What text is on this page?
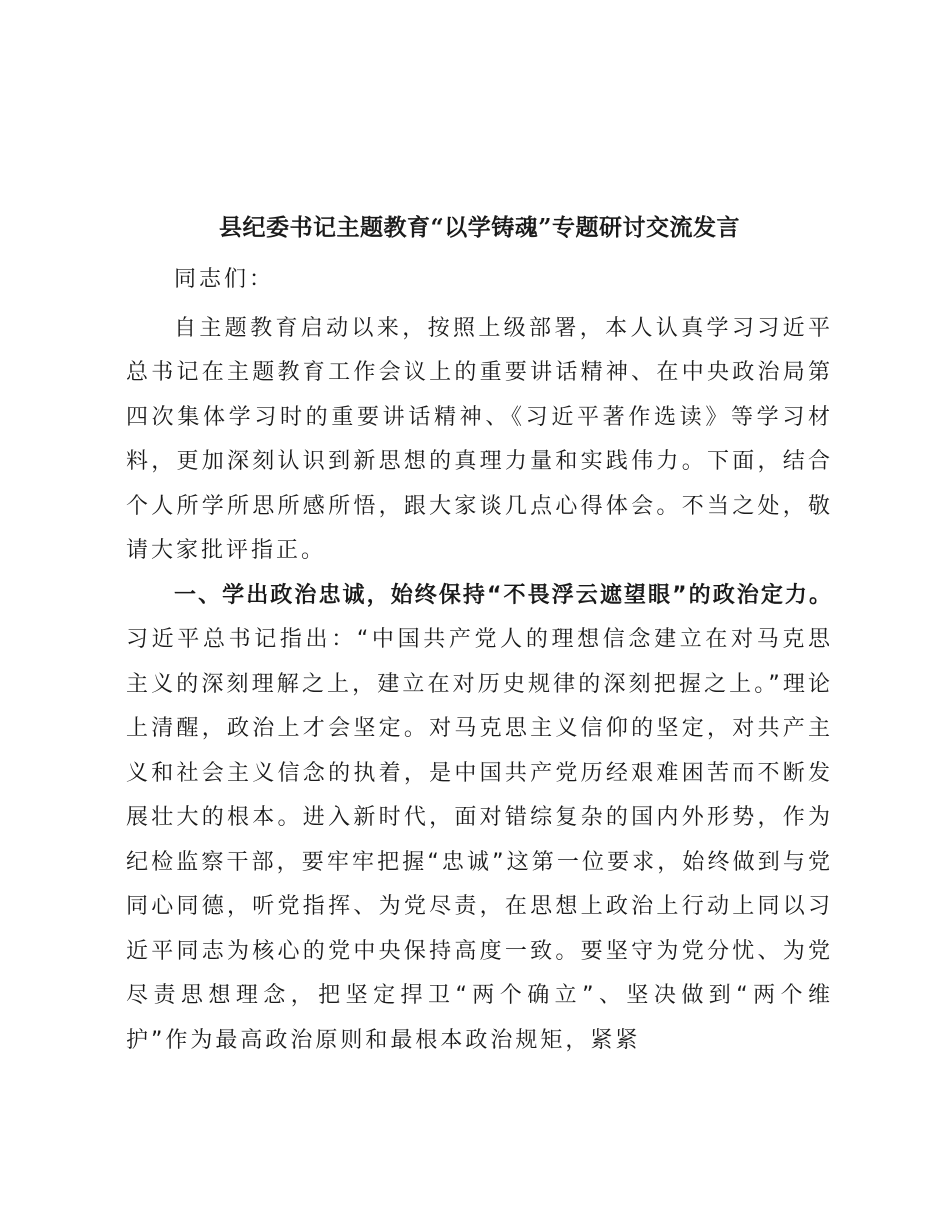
县纪委书记主题教育“以学铸魂”专题研讨交流发言

同志们：

自主题教育启动以来，按照上级部署，本人认真学习习近平总书记在主题教育工作会议上的重要讲话精神、在中央政治局第四次集体学习时的重要讲话精神、《习近平著作选读》等学习材料，更加深刻认识到新思想的真理力量和实践伟力。下面，结合个人所学所思所感所悟，跟大家谈几点心得体会。不当之处，敬请大家批评指正。

一、学出政治忠诚，始终保持“不畏浮云遮望眼”的政治定力。习近平总书记指出：“中国共产党人的理想信念建立在对马克思主义的深刻理解之上，建立在对历史规律的深刻把握之上。”理论上清醒，政治上才会坚定。对马克思主义信仰的坚定，对共产主义和社会主义信念的执着，是中国共产党历经艰难困苦而不断发展壮大的根本。进入新时代，面对错综复杂的国内外形势，作为纪检监察干部，要牢牢把握“忠诚”这第一位要求，始终做到与党同心同德，听党指挥、为党尽责，在思想上政治上行动上同以习近平同志为核心的党中央保持高度一致。要坚守为党分忧、为党尽责思想理念，把坚定捍卫“两个确立”、坚决做到“两个维护”作为最高政治原则和最根本政治规矩，紧紧
